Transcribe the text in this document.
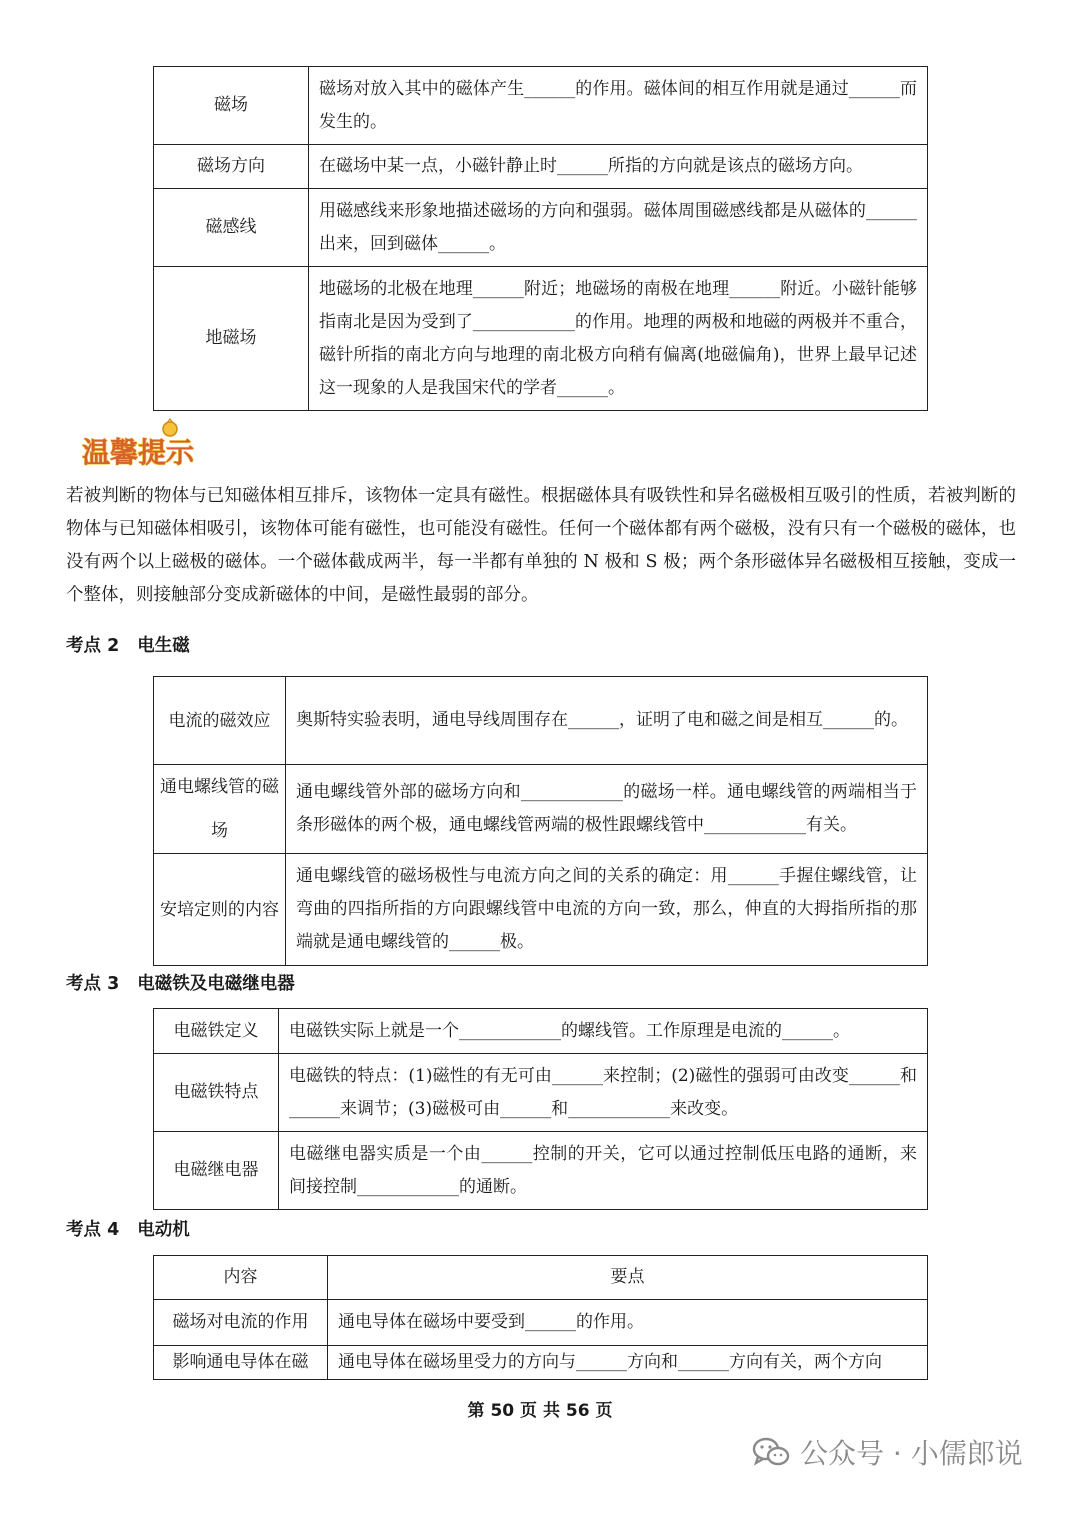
磁场	磁场对放入其中的磁体产生______的作用。磁体间的相互作用就是通过______而发生的。
磁场方向	在磁场中某一点，小磁针静止时______所指的方向就是该点的磁场方向。
磁感线	用磁感线来形象地描述磁场的方向和强弱。磁体周围磁感线都是从磁体的______出来，回到磁体______。
地磁场	地磁场的北极在地理______附近；地磁场的南极在地理______附近。小磁针能够指南北是因为受到了____________的作用。地理的两极和地磁的两极并不重合，磁针所指的南北方向与地理的南北极方向稍有偏离(地磁偏角)，世界上最早记述这一现象的人是我国宋代的学者______。
温馨提示
若被判断的物体与已知磁体相互排斥，该物体一定具有磁性。根据磁体具有吸铁性和异名磁极相互吸引的性质，若被判断的物体与已知磁体相吸引，该物体可能有磁性，也可能没有磁性。任何一个磁体都有两个磁极，没有只有一个磁极的磁体，也没有两个以上磁极的磁体。一个磁体截成两半，每一半都有单独的 N 极和 S 极；两个条形磁体异名磁极相互接触，变成一个整体，则接触部分变成新磁体的中间，是磁性最弱的部分。
考点 2 电生磁
电流的磁效应	奥斯特实验表明，通电导线周围存在______，证明了电和磁之间是相互______的。
通电螺线管的磁场	通电螺线管外部的磁场方向和____________的磁场一样。通电螺线管的两端相当于条形磁体的两个极，通电螺线管两端的极性跟螺线管中____________有关。
安培定则的内容	通电螺线管的磁场极性与电流方向之间的关系的确定：用______手握住螺线管，让弯曲的四指所指的方向跟螺线管中电流的方向一致，那么，伸直的大拇指所指的那端就是通电螺线管的______极。
考点 3 电磁铁及电磁继电器
电磁铁定义	电磁铁实际上就是一个____________的螺线管。工作原理是电流的______。
电磁铁特点	电磁铁的特点：(1)磁性的有无可由______来控制；(2)磁性的强弱可由改变______和______来调节；(3)磁极可由______和____________来改变。
电磁继电器	电磁继电器实质是一个由______控制的开关，它可以通过控制低压电路的通断，来间接控制____________的通断。
考点 4 电动机
内容	要点
磁场对电流的作用	通电导体在磁场中要受到______的作用。
影响通电导体在磁	通电导体在磁场里受力的方向与______方向和______方向有关，两个方向
第 50 页 共 56 页
公众号 · 小儒郎说
